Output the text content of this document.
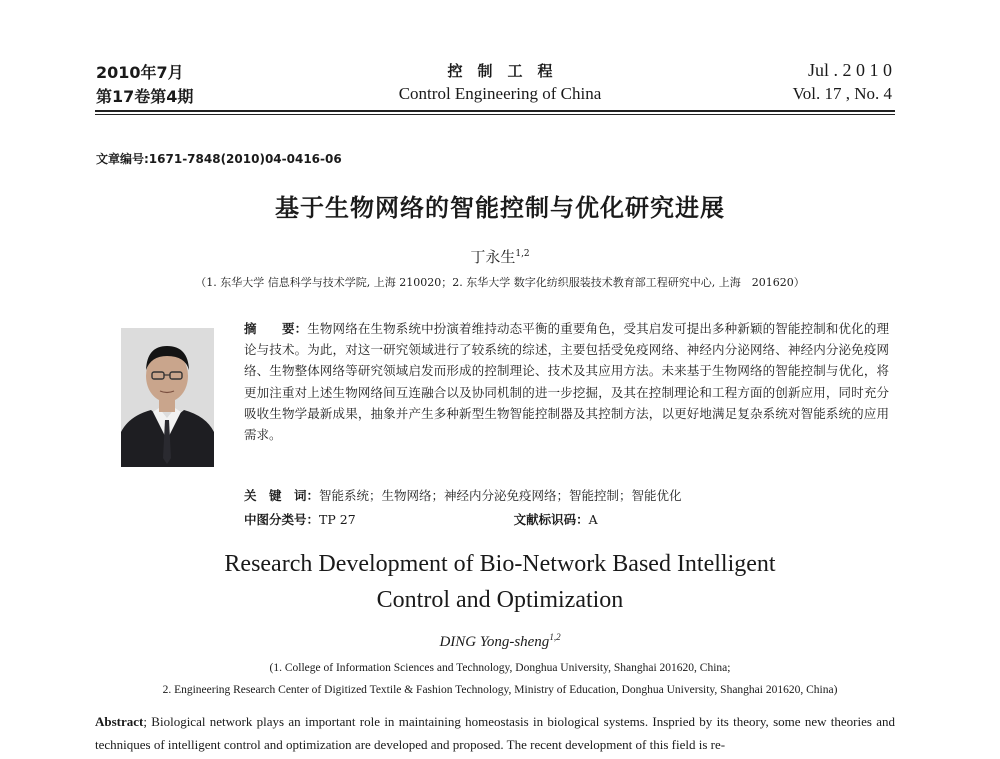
2010年7月
第17卷第4期
控　制　工　程
Control Engineering of China
Jul . 2 0 1 0
Vol. 17 , No. 4
文章编号:1671-7848(2010)04-0416-06
基于生物网络的智能控制与优化研究进展
丁永生$^{1,2}$
（1. 东华大学 信息科学与技术学院, 上海 210020；2. 东华大学 数字化纺织服装技术教育部工程研究中心, 上海　201620）
摘　　要：生物网络在生物系统中扮演着维持动态平衡的重要角色，受其启发可提出多种新颖的智能控制和优化的理论与技术。为此，对这一研究领域进行了较系统的综述，主要包括受免疫网络、神经内分泌网络、神经内分泌免疫网络、生物整体网络等研究领域启发而形成的控制理论、技术及其应用方法。未来基于生物网络的智能控制与优化，将更加注重对上述生物网络间互连融合以及协同机制的进一步挖掘，及其在控制理论和工程方面的创新应用，同时充分吸收生物学最新成果，抽象并产生多种新型生物智能控制器及其控制方法，以更好地满足复杂系统对智能系统的应用需求。
关　键　词：智能系统；生物网络；神经内分泌免疫网络；智能控制；智能优化
中图分类号：TP 27	文献标识码：A
Research Development of Bio-Network Based Intelligent
Control and Optimization
DING Yong-sheng$^{1,2}$
(1. College of Information Sciences and Technology, Donghua University, Shanghai 201620, China;
2. Engineering Research Center of Digitized Textile & Fashion Technology, Ministry of Education, Donghua University, Shanghai 201620, China)
Abstract; Biological network plays an important role in maintaining homeostasis in biological systems. Inspried by its theory, some new theories and techniques of intelligent control and optimization are developed and proposed. The recent development of this field is re-
